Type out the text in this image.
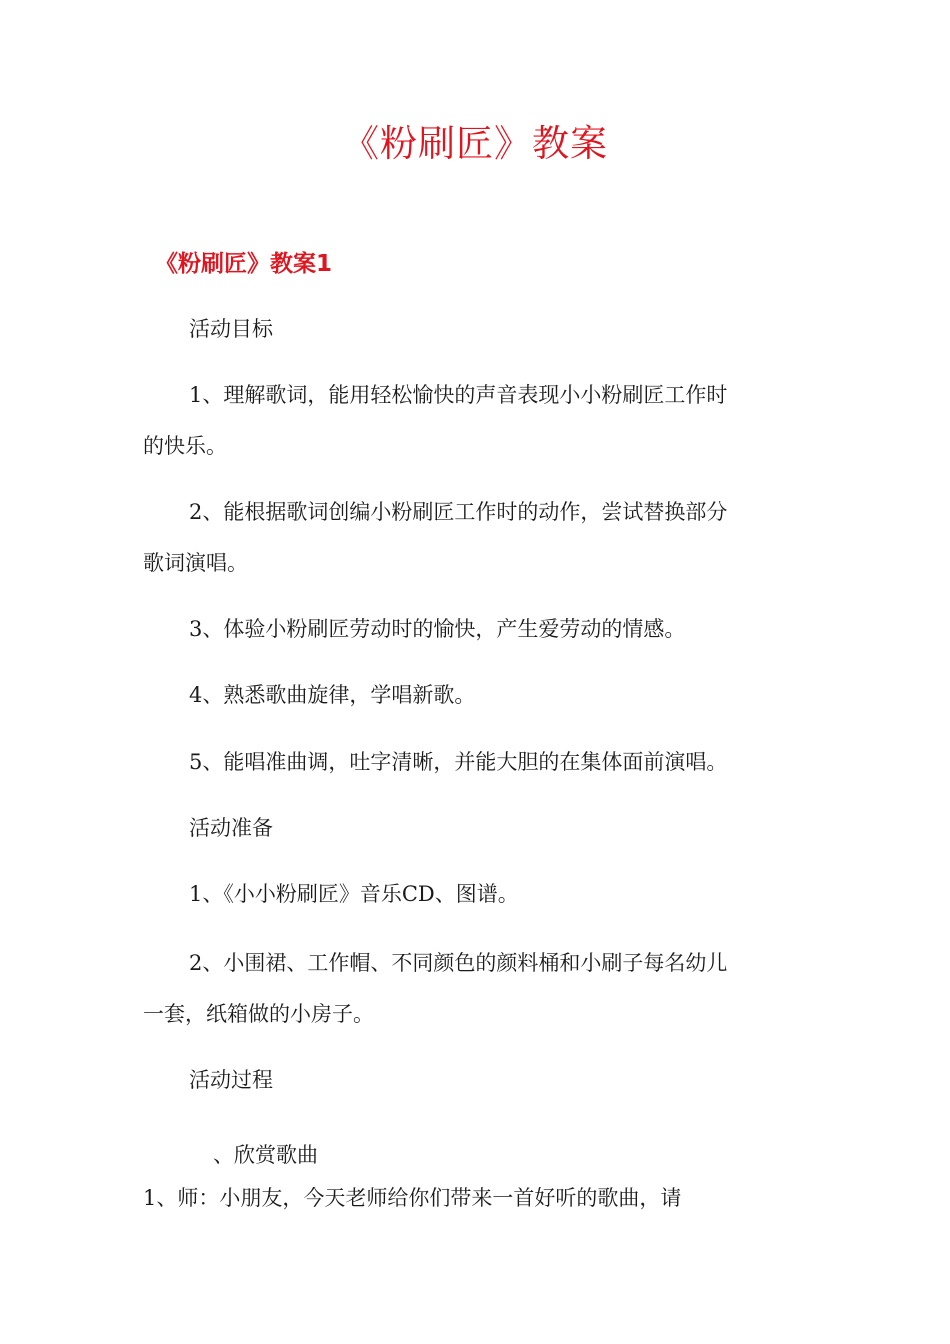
《粉刷匠》教案
《粉刷匠》教案1

活动目标

1、理解歌词，能用轻松愉快的声音表现小小粉刷匠工作时

的快乐。

2、能根据歌词创编小粉刷匠工作时的动作，尝试替换部分

歌词演唱。

3、体验小粉刷匠劳动时的愉快，产生爱劳动的情感。

4、熟悉歌曲旋律，学唱新歌。

5、能唱准曲调，吐字清晰，并能大胆的在集体面前演唱。

活动准备

1、《小小粉刷匠》音乐CD、图谱。

2、小围裙、工作帽、不同颜色的颜料桶和小刷子每名幼儿

一套，纸箱做的小房子。

活动过程

、欣赏歌曲

1、师：小朋友，今天老师给你们带来一首好听的歌曲，请
